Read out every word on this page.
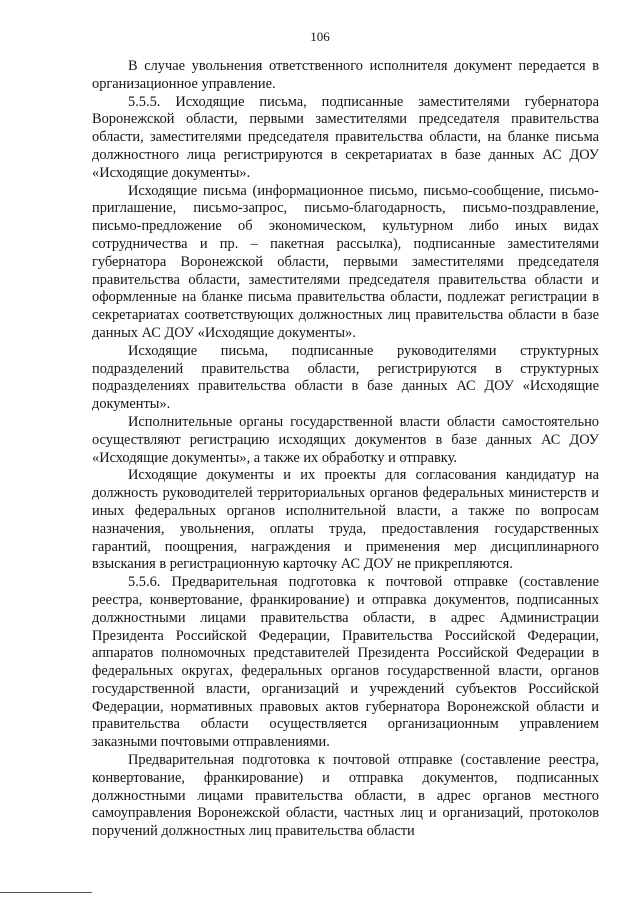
106

В случае увольнения ответственного исполнителя документ передается в организационное управление.

5.5.5. Исходящие письма, подписанные заместителями губернатора Воронежской области, первыми заместителями председателя правительства области, заместителями председателя правительства области, на бланке письма должностного лица регистрируются в секретариатах в базе данных АС ДОУ «Исходящие документы».

Исходящие письма (информационное письмо, письмо-сообщение, письмо-приглашение, письмо-запрос, письмо-благодарность, письмо-поздравление, письмо-предложение об экономическом, культурном либо иных видах сотрудничества и пр. – пакетная рассылка), подписанные заместителями губернатора Воронежской области, первыми заместителями председателя правительства области, заместителями председателя правительства области и оформленные на бланке письма правительства области, подлежат регистрации в секретариатах соответствующих должностных лиц правительства области в базе данных АС ДОУ «Исходящие документы».

Исходящие письма, подписанные руководителями структурных подразделений правительства области, регистрируются в структурных подразделениях правительства области в базе данных АС ДОУ «Исходящие документы».

Исполнительные органы государственной власти области самостоятельно осуществляют регистрацию исходящих документов в базе данных АС ДОУ «Исходящие документы», а также их обработку и отправку.

Исходящие документы и их проекты для согласования кандидатур на должность руководителей территориальных органов федеральных министерств и иных федеральных органов исполнительной власти, а также по вопросам назначения, увольнения, оплаты труда, предоставления государственных гарантий, поощрения, награждения и применения мер дисциплинарного взыскания в регистрационную карточку АС ДОУ не прикрепляются.

5.5.6. Предварительная подготовка к почтовой отправке (составление реестра, конвертование, франкирование) и отправка документов, подписанных должностными лицами правительства области, в адрес Администрации Президента Российской Федерации, Правительства Российской Федерации, аппаратов полномочных представителей Президента Российской Федерации в федеральных округах, федеральных органов государственной власти, органов государственной власти, организаций и учреждений субъектов Российской Федерации, нормативных правовых актов губернатора Воронежской области и правительства области осуществляется организационным управлением заказными почтовыми отправлениями.

Предварительная подготовка к почтовой отправке (составление реестра, конвертование, франкирование) и отправка документов, подписанных должностными лицами правительства области, в адрес органов местного самоуправления Воронежской области, частных лиц и организаций, протоколов поручений должностных лиц правительства области
